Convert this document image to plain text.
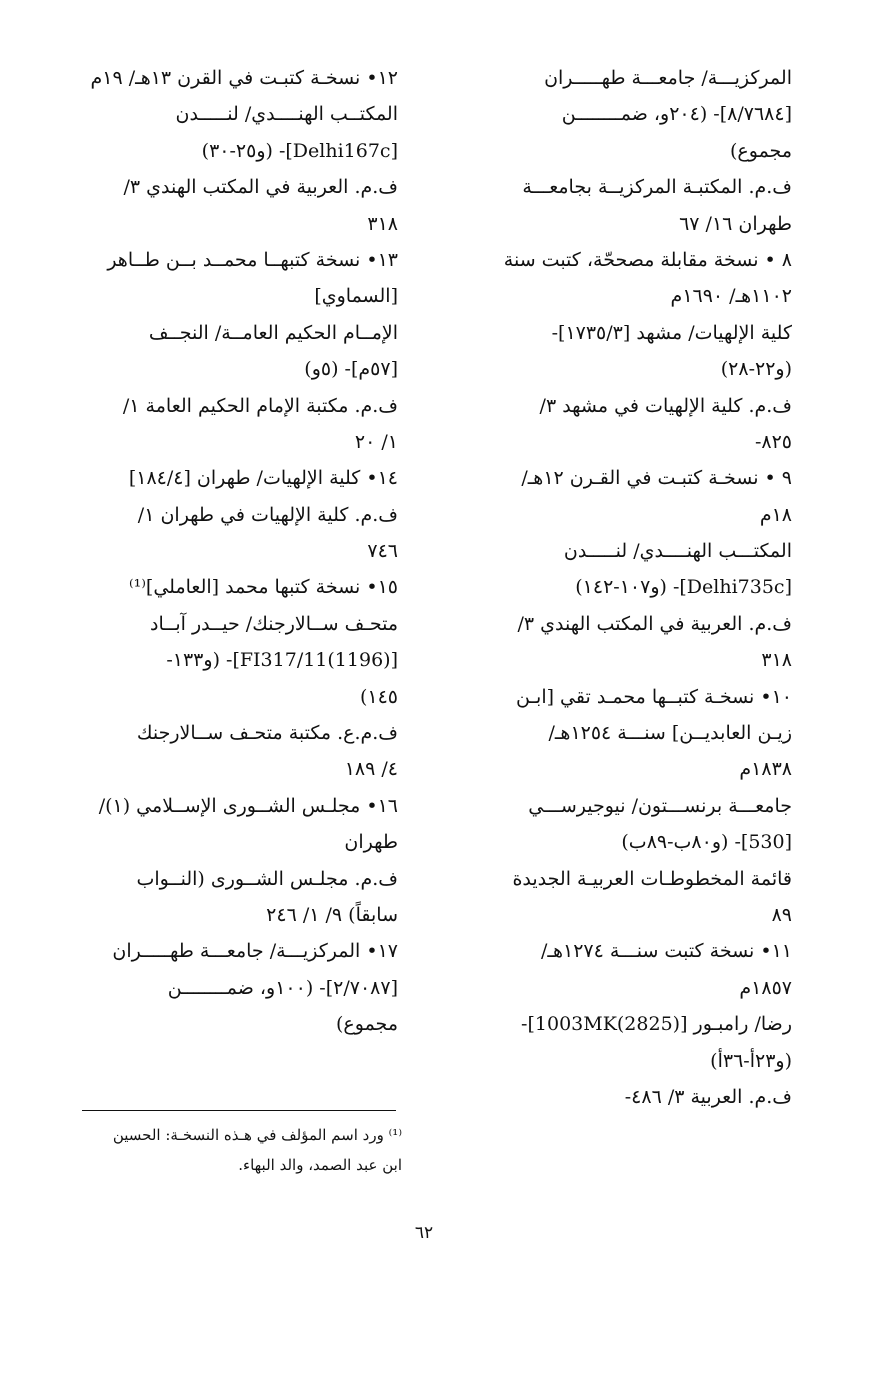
المركزيـــة/ جامعـــة طهـــــران
[۸/۷٦۸٤]- (۲۰٤و، ضمــــــــن
مجموع)
ف.م. المكتبـة المركزيــة بجامعـــة
طهران ١٦/ ٦٧
٨ • نسخة مقابلة مصححّة، كتبت سنة
١١٠٢هـ/ ١٦٩٠م
كلية الإلهيات/ مشهد [١٧٣٥/٣]-
(و٢٢-٢٨)
ف.م. كلية الإلهيات في مشهد ٣/
٨٢٥-
٩ • نسخـة كتبـت في القـرن ١٢هـ/
١٨م
المكتـــب الهنــــدي/ لنـــــدن
[Delhi735c]- (و١٠٧-١٤٢)
ف.م. العربية في المكتب الهندي ٣/
٣١٨
١٠• نسخـة كتبــها محمـد تقي [ابـن
زيـن العابديــن] سنـــة ١٢٥٤هـ/
١٨٣٨م
جامعـــة برنســـتون/ نيوجيرســـي
[530]- (و٨٠ب-٨٩ب)
قائمة المخطوطـات العربيـة الجديدة
٨٩
١١• نسخة كتبت سنـــة ١٢٧٤هـ/
١٨٥٧م
رضا/ رامبـور [1003MK(2825)]-
(و٢٣أ-٣٦أ)
ف.م. العربية ٣/ ٤٨٦-
١٢• نسخـة كتبـت في القرن ١٣هـ/ ١٩م
المكتــب الهنــــدي/ لنـــــدن
[Delhi167c]- (و٢٥-٣٠)
ف.م. العربية في المكتب الهندي ٣/
٣١٨
١٣• نسخة كتبهــا محمــد بــن طــاهر
[السماوي]
الإمــام الحكيم العامــة/ النجــف
[٥٧م]- (٥و)
ف.م. مكتبة الإمام الحكيم العامة ١/
١/ ٢٠
١٤• كلية الإلهيات/ طهران [١٨٤/٤]
ف.م. كلية الإلهيات في طهران ١/
٧٤٦
١٥• نسخة كتبها محمد [العاملي]⁽¹⁾
متحـف ســالارجنك/ حيــدر آبــاد
[FI317/11(1196)]- (و١٣٣-
١٤٥)
ف.م.ع. مكتبة متحـف ســالارجنك
٤/ ١٨٩
١٦• مجلـس الشــورى الإســلامي (١)/
طهران
ف.م. مجلـس الشــورى (النــواب
سابقاً) ٩/ ١/ ٢٤٦
١٧• المركزيـــة/ جامعـــة طهـــــران
[٢/٧٠٨٧]- (١٠٠و، ضمــــــــن
مجموع)
⁽¹⁾ ورد اسم المؤلف في هـذه النسخـة: الحسين
ابن عبد الصمد، والد البهاء.
٦٢
